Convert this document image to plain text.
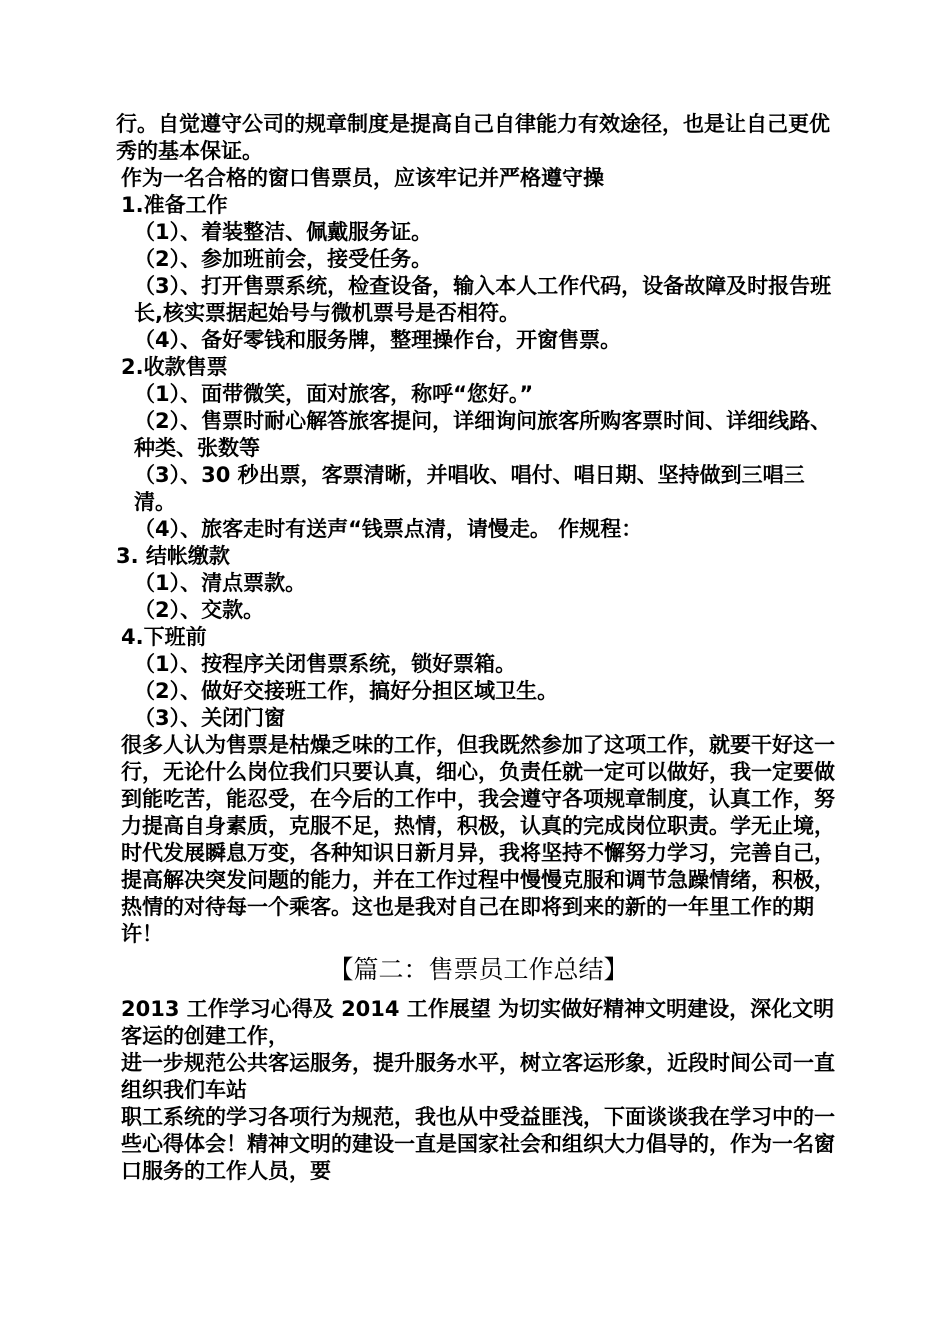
行。自觉遵守公司的规章制度是提高自己自律能力有效途径，也是让自己更优秀的基本保证。

作为一名合格的窗口售票员，应该牢记并严格遵守操

1.准备工作

（1）、着装整洁、佩戴服务证。

（2）、参加班前会，接受任务。

（3）、打开售票系统，检查设备，输入本人工作代码，设备故障及时报告班长,核实票据起始号与微机票号是否相符。

（4）、备好零钱和服务牌，整理操作台，开窗售票。

2.收款售票

（1）、面带微笑，面对旅客，称呼“您好。”

（2）、售票时耐心解答旅客提问，详细询问旅客所购客票时间、详细线路、种类、张数等

（3）、30 秒出票，客票清晰，并唱收、唱付、唱日期、坚持做到三唱三清。

（4）、旅客走时有送声“钱票点清，请慢走。 作规程：

3. 结帐缴款

（1）、清点票款。

（2）、交款。

4.下班前

（1）、按程序关闭售票系统，锁好票箱。

（2）、做好交接班工作，搞好分担区域卫生。

（3）、关闭门窗

很多人认为售票是枯燥乏味的工作，但我既然参加了这项工作，就要干好这一行，无论什么岗位我们只要认真，细心，负责任就一定可以做好，我一定要做到能吃苦，能忍受，在今后的工作中，我会遵守各项规章制度，认真工作，努力提高自身素质，克服不足，热情，积极，认真的完成岗位职责。学无止境，时代发展瞬息万变，各种知识日新月异，我将坚持不懈努力学习，完善自己，提高解决突发问题的能力，并在工作过程中慢慢克服和调节急躁情绪，积极，热情的对待每一个乘客。这也是我对自己在即将到来的新的一年里工作的期许！

【篇二：售票员工作总结】

2013 工作学习心得及 2014 工作展望 为切实做好精神文明建设，深化文明客运的创建工作，

进一步规范公共客运服务，提升服务水平，树立客运形象，近段时间公司一直组织我们车站

职工系统的学习各项行为规范，我也从中受益匪浅，下面谈谈我在学习中的一些心得体会！精神文明的建设一直是国家社会和组织大力倡导的，作为一名窗口服务的工作人员，要
